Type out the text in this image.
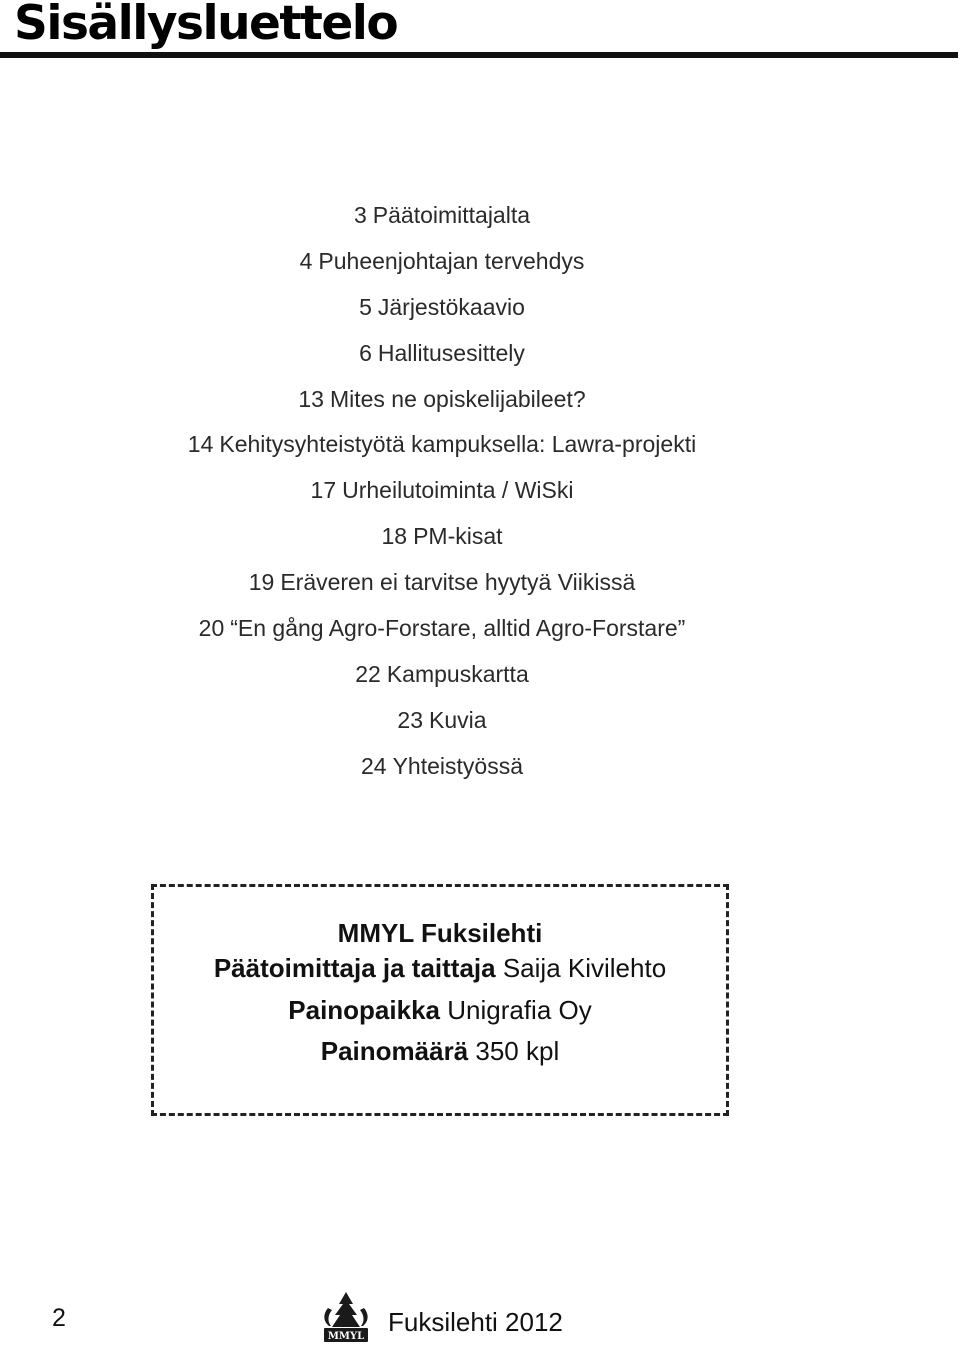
Sisällysluettelo
3 Päätoimittajalta
4 Puheenjohtajan tervehdys
5 Järjestökaavio
6 Hallitusesittely
13 Mites ne opiskelijabileet?
14 Kehitysyhteistyötä kampuksella: Lawra-projekti
17 Urheilutoiminta / WiSki
18 PM-kisat
19 Eräveren ei tarvitse hyytyä Viikissä
20 “En gång Agro-Forstare, alltid Agro-Forstare”
22 Kampuskartta
23 Kuvia
24 Yhteistyössä
MMYL Fuksilehti
Päätoimittaja ja taittaja Saija Kivilehto
Painopaikka Unigrafia Oy
Painomäärä 350 kpl
2
MMYL Fuksilehti 2012
